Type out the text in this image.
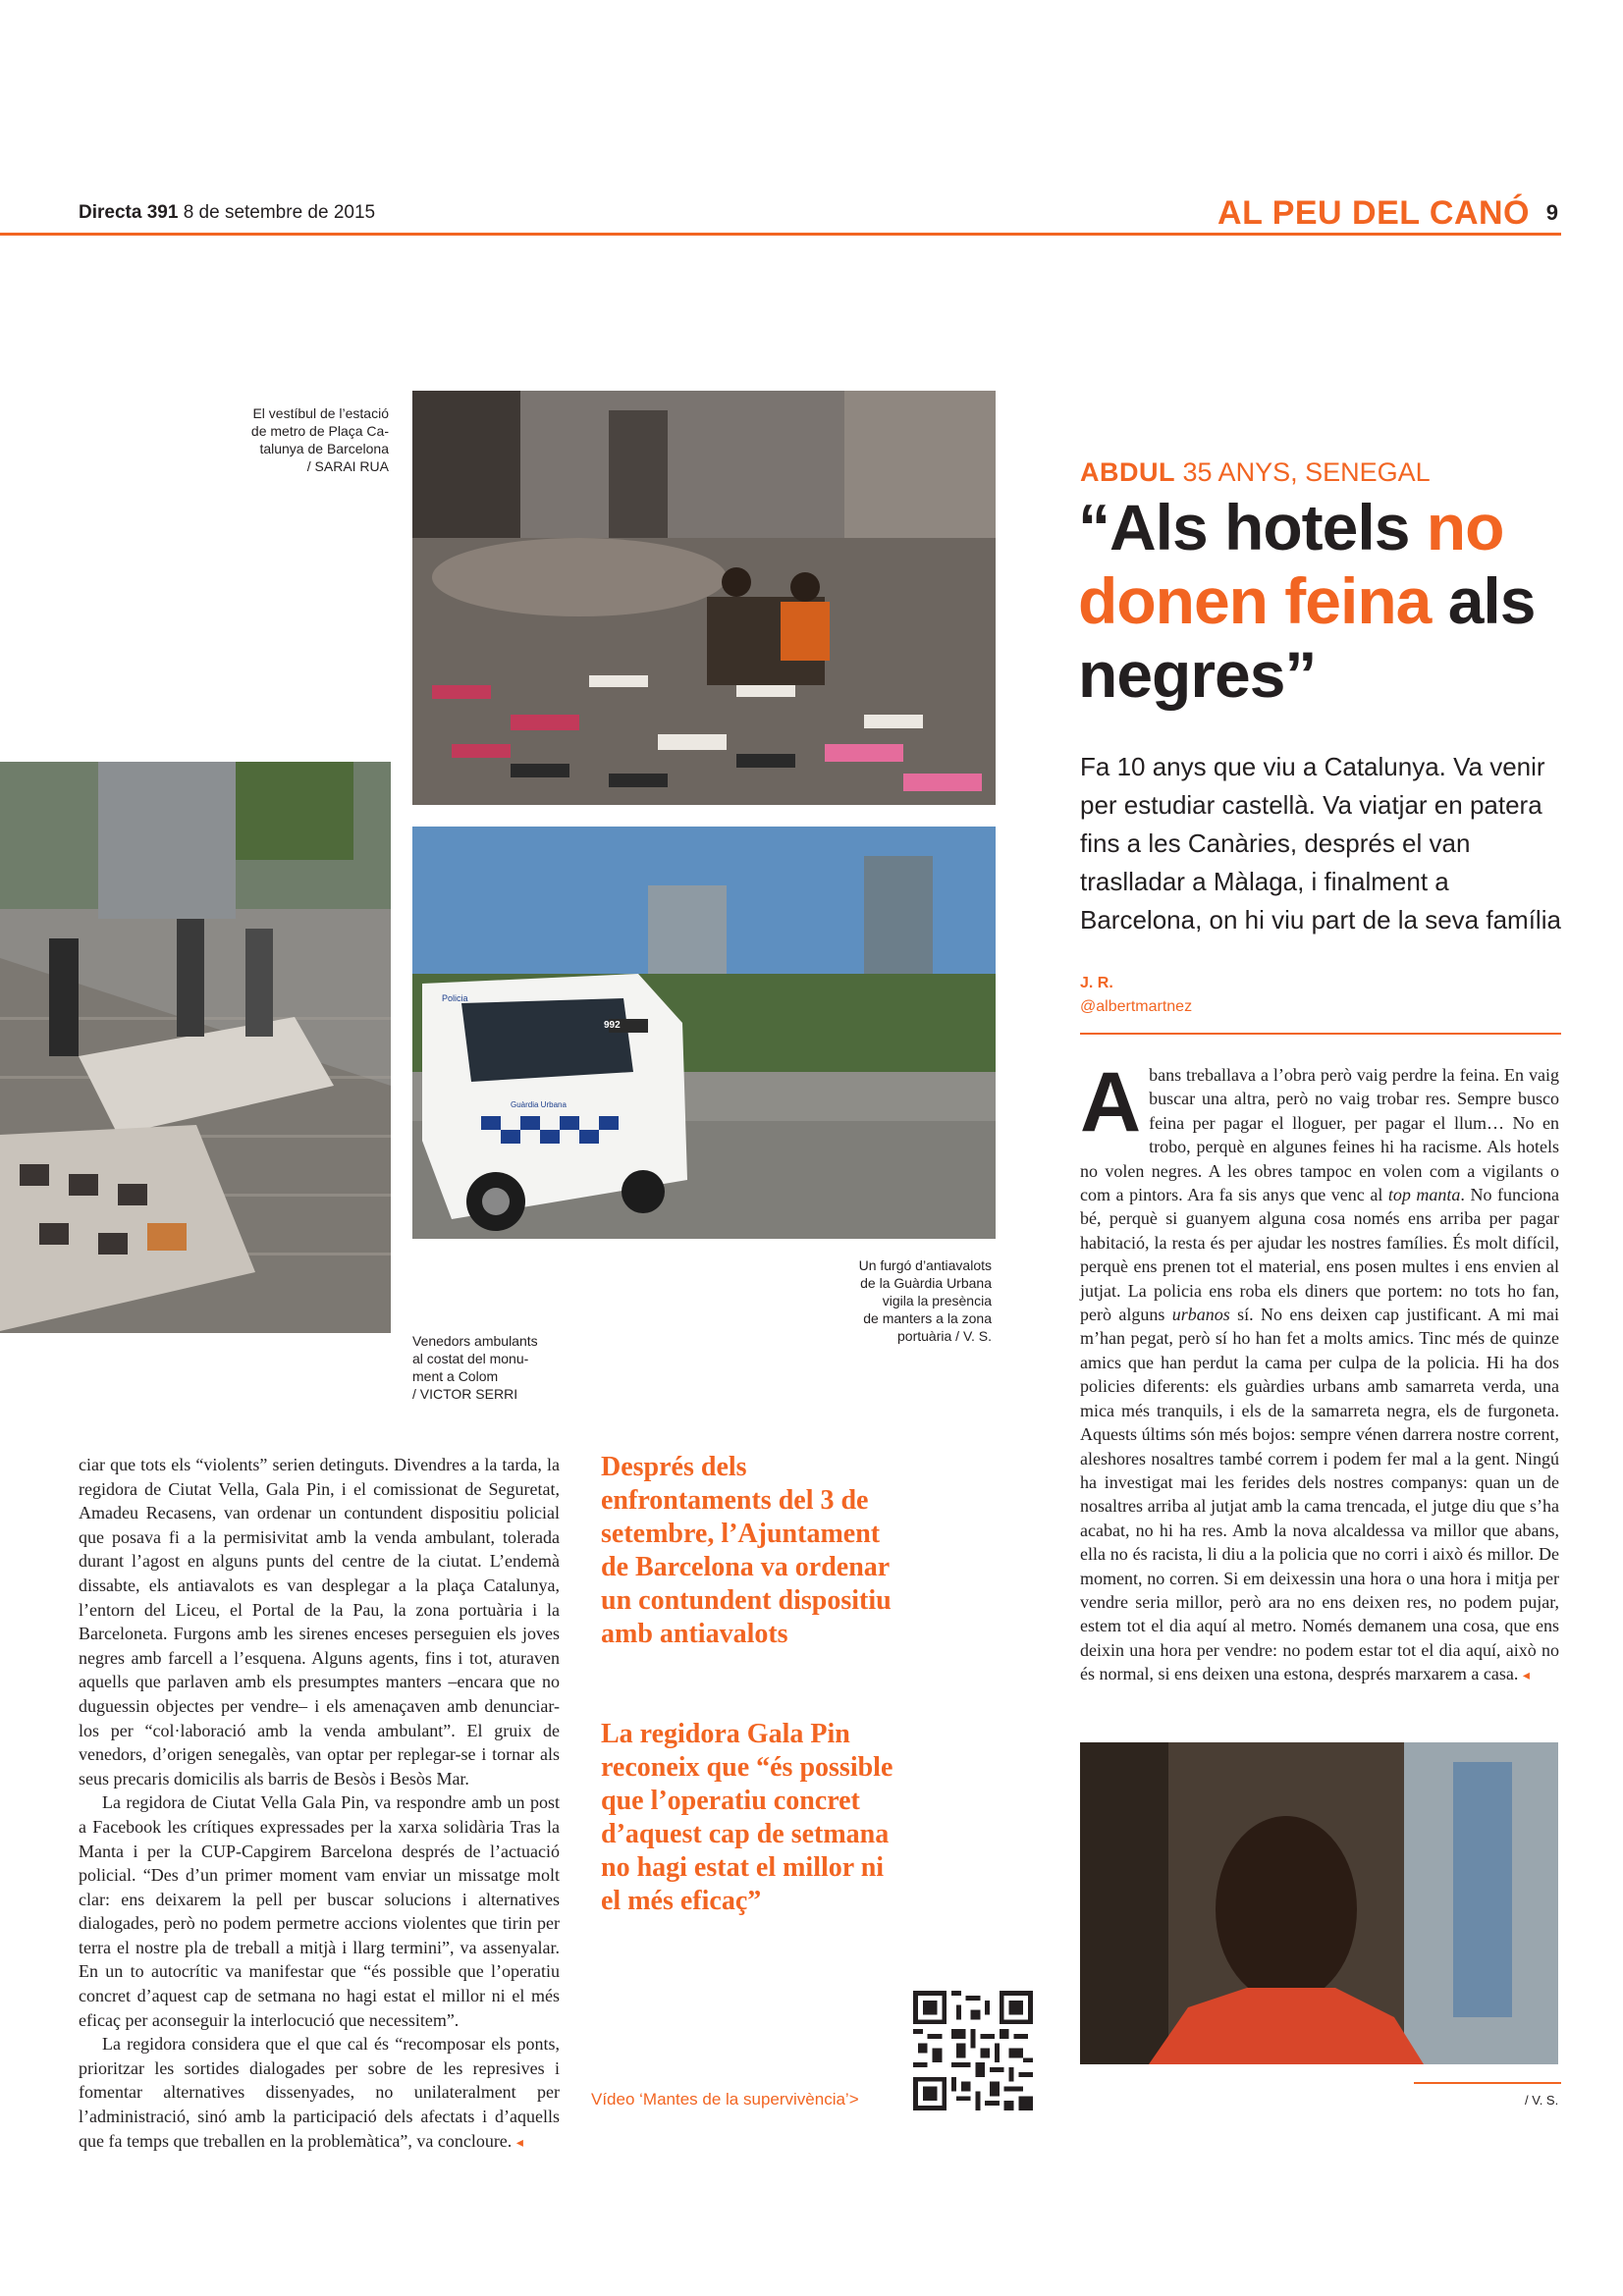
Directa 391 8 de setembre de 2015	AL PEU DEL CANÓ 9
992
Policia
Guàrdia Urbana
El vestíbul de l’estació
de metro de Plaça Ca-
talunya de Barcelona
/ SARAI RUA
Venedors ambulants
al costat del monu-
ment a Colom
/ VICTOR SERRI
Un furgó d’antiavalots
de la Guàrdia Urbana
vigila la presència
de manters a la zona
portuària / V. S.
ABDUL 35 ANYS, SENEGAL
“Als hotels no donen feina als negres”
Fa 10 anys que viu a Catalunya. Va venir per estudiar castellà. Va viatjar en patera fins a les Canàries, després el van traslladar a Màlaga, i finalment a Barcelona, on hi viu part de la seva família
J. R.
@albertmartnez
Abans treballava a l’obra però vaig perdre la feina. En vaig buscar una altra, però no vaig trobar res. Sempre busco feina per pagar el lloguer, per pagar el llum… No en trobo, perquè en algunes feines hi ha racisme. Als hotels no volen negres. A les obres tampoc en volen com a vigilants o com a pintors. Ara fa sis anys que venc al top manta. No funciona bé, perquè si guanyem alguna cosa només ens arriba per pagar habitació, la resta és per ajudar les nostres famílies. És molt difícil, perquè ens prenen tot el material, ens posen multes i ens envien al jutjat. La policia ens roba els diners que portem: no tots ho fan, però alguns urbanos sí. No ens deixen cap justificant. A mi mai m’han pegat, però sí ho han fet a molts amics. Tinc més de quinze amics que han perdut la cama per culpa de la policia. Hi ha dos policies diferents: els guàrdies urbans amb samarreta verda, una mica més tranquils, i els de la samarreta negra, els de furgoneta. Aquests últims són més bojos: sempre vénen darrera nostre corrent, aleshores nosaltres també correm i podem fer mal a la gent. Ningú ha investigat mai les ferides dels nostres companys: quan un de nosaltres arriba al jutjat amb la cama trencada, el jutge diu que s’ha acabat, no hi ha res. Amb la nova alcaldessa va millor que abans, ella no és racista, li diu a la policia que no corri i això és millor. De moment, no corren. Si em deixessin una hora o una hora i mitja per vendre seria millor, però ara no ens deixen res, no podem pujar, estem tot el dia aquí al metro. Només demanem una cosa, que ens deixin una hora per vendre: no podem estar tot el dia aquí, això no és normal, si ens deixen una estona, després marxarem a casa. ◂

ciar que tots els “violents” serien detinguts. Divendres a la tarda, la regidora de Ciutat Vella, Gala Pin, i el comissionat de Seguretat, Amadeu Recasens, van ordenar un contundent dispositiu policial que posava fi a la permisivitat amb la venda ambulant, tolerada durant l’agost en alguns punts del centre de la ciutat. L’endemà dissabte, els antiavalots es van desplegar a la plaça Catalunya, l’entorn del Liceu, el Portal de la Pau, la zona portuària i la Barceloneta. Furgons amb les sirenes enceses perseguien els joves negres amb farcell a l’esquena. Alguns agents, fins i tot, aturaven aquells que parlaven amb els presumptes manters –encara que no duguessin objectes per vendre– i els amenaçaven amb denunciar-los per “col·laboració amb la venda ambulant”. El gruix de venedors, d’origen senegalès, van optar per replegar-se i tornar als seus precaris domicilis als barris de Besòs i Besòs Mar.

La regidora de Ciutat Vella Gala Pin, va respondre amb un post a Facebook les crítiques expressades per la xarxa solidària Tras la Manta i per la CUP-Capgirem Barcelona després de l’actuació policial. “Des d’un primer moment vam enviar un missatge molt clar: ens deixarem la pell per buscar solucions i alternatives dialogades, però no podem permetre accions violentes que tirin per terra el nostre pla de treball a mitjà i llarg termini”, va assenyalar. En un to autocrític va manifestar que “és possible que l’operatiu concret d’aquest cap de setmana no hagi estat el millor ni el més eficaç per aconseguir la interlocució que necessitem”.

La regidora considera que el que cal és “recomposar els ponts, prioritzar les sortides dialogades per sobre de les represives i fomentar alternatives dissenyades, no unilateralment per l’administració, sinó amb la participació dels afectats i d’aquells que fa temps que treballen en la problemàtica”, va concloure. ◂

Després dels enfrontaments del 3 de setembre, l’Ajuntament de Barcelona va ordenar un contundent dispositiu amb antiavalots
La regidora Gala Pin reconeix que “és possible que l’operatiu concret d’aquest cap de setmana no hagi estat el millor ni el més eficaç”
Vídeo ‘Mantes de la supervivència’>	/ V. S.
